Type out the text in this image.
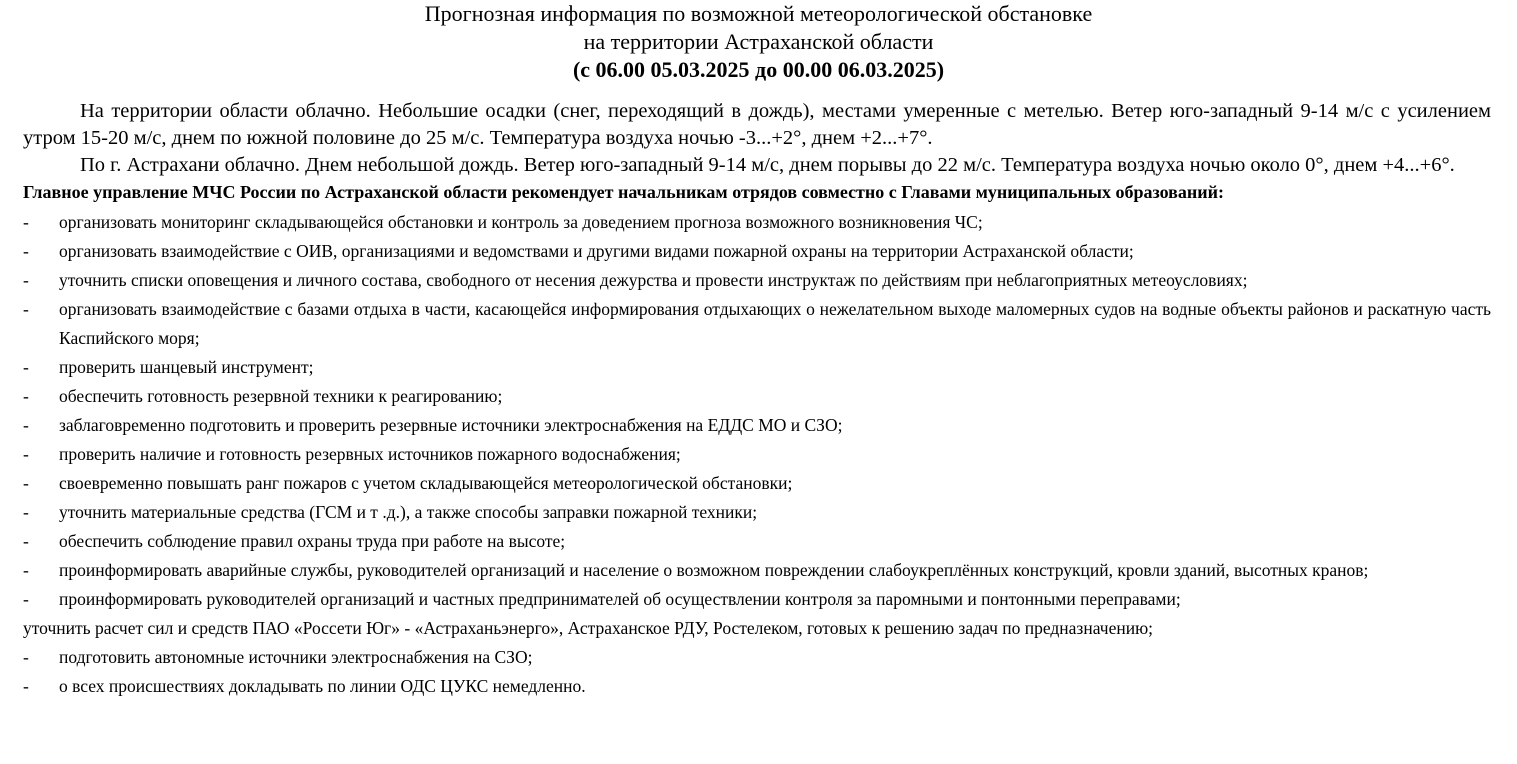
Прогнозная информация по возможной метеорологической обстановке
на территории Астраханской области
(с 06.00 05.03.2025 до 00.00 06.03.2025)

На территории области облачно. Небольшие осадки (снег, переходящий в дождь), местами умеренные с метелью. Ветер юго-западный 9-14 м/с с усилением утром 15-20 м/с, днем по южной половине до 25 м/с. Температура воздуха ночью -3...+2°, днем +2...+7°.

По г. Астрахани облачно. Днем небольшой дождь. Ветер юго-западный 9-14 м/с, днем порывы до 22 м/с. Температура воздуха ночью около 0°, днем +4...+6°.

Главное управление МЧС России по Астраханской области рекомендует начальникам отрядов совместно с Главами муниципальных образований:

- организовать мониторинг складывающейся обстановки и контроль за доведением прогноза возможного возникновения ЧС;
- организовать взаимодействие с ОИВ, организациями и ведомствами и другими видами пожарной охраны на территории Астраханской области;
- уточнить списки оповещения и личного состава, свободного от несения дежурства и провести инструктаж по действиям при неблагоприятных метеоусловиях;
- организовать взаимодействие с базами отдыха в части, касающейся информирования отдыхающих о нежелательном выходе маломерных судов на водные объекты районов и раскатную часть Каспийского моря;
- проверить шанцевый инструмент;
- обеспечить готовность резервной техники к реагированию;
- заблаговременно подготовить и проверить резервные источники электроснабжения на ЕДДС МО и СЗО;
- проверить наличие и готовность резервных источников пожарного водоснабжения;
- своевременно повышать ранг пожаров с учетом складывающейся метеорологической обстановки;
- уточнить материальные средства (ГСМ и т .д.), а также способы заправки пожарной техники;
- обеспечить соблюдение правил охраны труда при работе на высоте;
- проинформировать аварийные службы, руководителей организаций и население о возможном повреждении слабоукреплённых конструкций, кровли зданий, высотных кранов;
- проинформировать руководителей организаций и частных предпринимателей об осуществлении контроля за паромными и понтонными переправами;
уточнить расчет сил и средств ПАО «Россети Юг» - «Астраханьэнерго», Астраханское РДУ, Ростелеком, готовых к решению задач по предназначению;
- подготовить автономные источники электроснабжения на СЗО;
- о всех происшествиях докладывать по линии ОДС ЦУКС немедленно.
